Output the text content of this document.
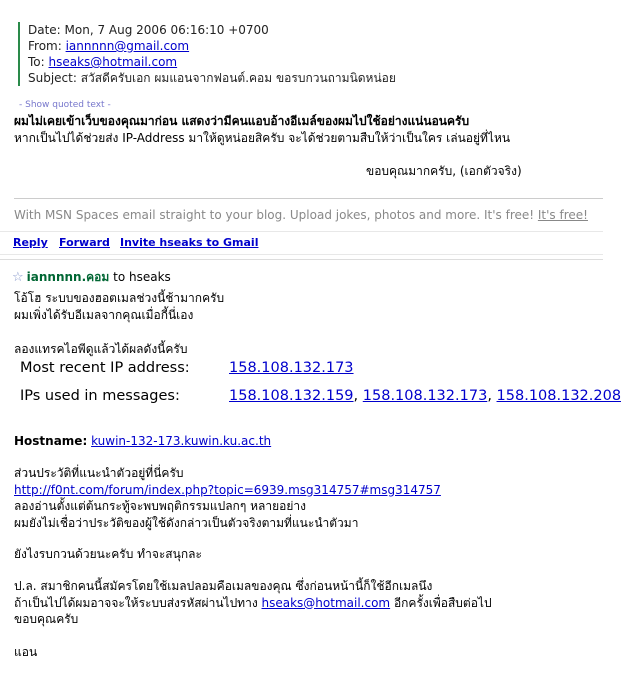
Date: Mon, 7 Aug 2006 06:16:10 +0700
From: iannnnn@gmail.com
To: hseaks@hotmail.com
Subject: สวัสดีครับเอก ผมแอนจากฟอนต์.คอม ขอรบกวนถามนิดหน่อย
- Show quoted text -
ผมไม่เคยเข้าเว็บของคุณมาก่อน แสดงว่ามีคนแอบอ้างอีเมล์ของผมไปใช้อย่างแน่นอนครับ
หากเป็นไปได้ช่วยส่ง IP-Address มาให้ดูหน่อยสิครับ จะได้ช่วยตามสืบให้ว่าเป็นใคร เล่นอยู่ที่ไหน
ขอบคุณมากครับ, (เอกตัวจริง)
With MSN Spaces email straight to your blog. Upload jokes, photos and more. It's free! It's free!
Reply Forward Invite hseaks to Gmail
☆ iannnnn.คอม to hseaks
โอ้โฮ ระบบของฮอตเมลช่วงนี้ช้ามากครับ
ผมเพิ่งได้รับอีเมลจากคุณเมื่อกี้นี่เอง
ลองแทรคไอพีดูแล้วได้ผลดังนี้ครับ
Most recent IP address:	158.108.132.173
IPs used in messages:	158.108.132.159, 158.108.132.173, 158.108.132.208
Hostname: kuwin-132-173.kuwin.ku.ac.th
ส่วนประวัติที่แนะนำตัวอยู่ที่นี่ครับ
http://f0nt.com/forum/index.php?topic=6939.msg314757#msg314757
ลองอ่านตั้งแต่ต้นกระทู้จะพบพฤติกรรมแปลกๆ หลายอย่าง
ผมยังไม่เชื่อว่าประวัติของผู้ใช้ดังกล่าวเป็นตัวจริงตามที่แนะนำตัวมา
ยังไงรบกวนด้วยนะครับ ทำจะสนุกละ
ป.ล. สมาชิกคนนี้สมัครโดยใช้เมลปลอมคือเมลของคุณ ซึ่งก่อนหน้านี้ก็ใช้อีกเมลนึง
ถ้าเป็นไปได้ผมอาจจะให้ระบบส่งรหัสผ่านไปทาง hseaks@hotmail.com อีกครั้งเพื่อสืบต่อไป
ขอบคุณครับ
แอน
